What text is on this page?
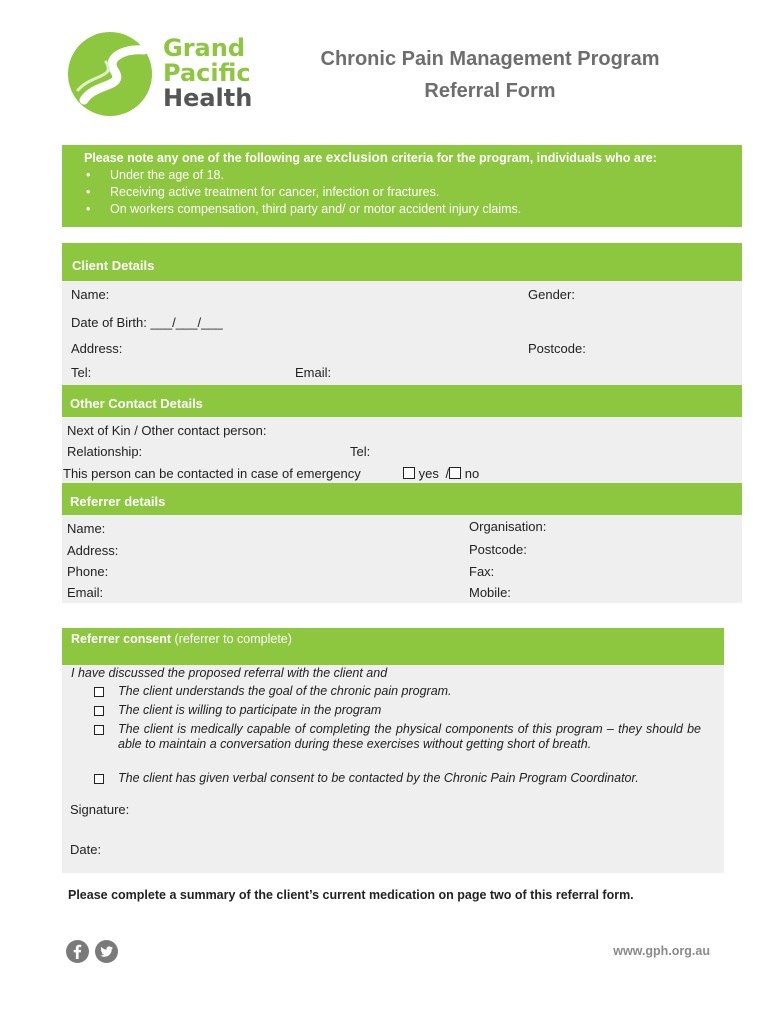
Grand
Pacific
Health
Chronic Pain Management Program
Referral Form
Please note any one of the following are exclusion criteria for the program, individuals who are:
• Under the age of 18.
• Receiving active treatment for cancer, infection or fractures.
• On workers compensation, third party and/ or motor accident injury claims.
Client Details
Name:	Gender:
Date of Birth: ___/___/___
Address:	Postcode:
Tel:	Email:
Other Contact Details
Next of Kin / Other contact person:
Relationship:	Tel:
This person can be contacted in case of emergency	yes / no
Referrer details
Name:	Organisation:
Address:	Postcode:
Phone:	Fax:
Email:	Mobile:
Referrer consent (referrer to complete)
I have discussed the proposed referral with the client and
The client understands the goal of the chronic pain program.
The client is willing to participate in the program
The client is medically capable of completing the physical components of this program – they should be able to maintain a conversation during these exercises without getting short of breath.
The client has given verbal consent to be contacted by the Chronic Pain Program Coordinator.
Signature:
Date:
Please complete a summary of the client’s current medication on page two of this referral form.
www.gph.org.au
